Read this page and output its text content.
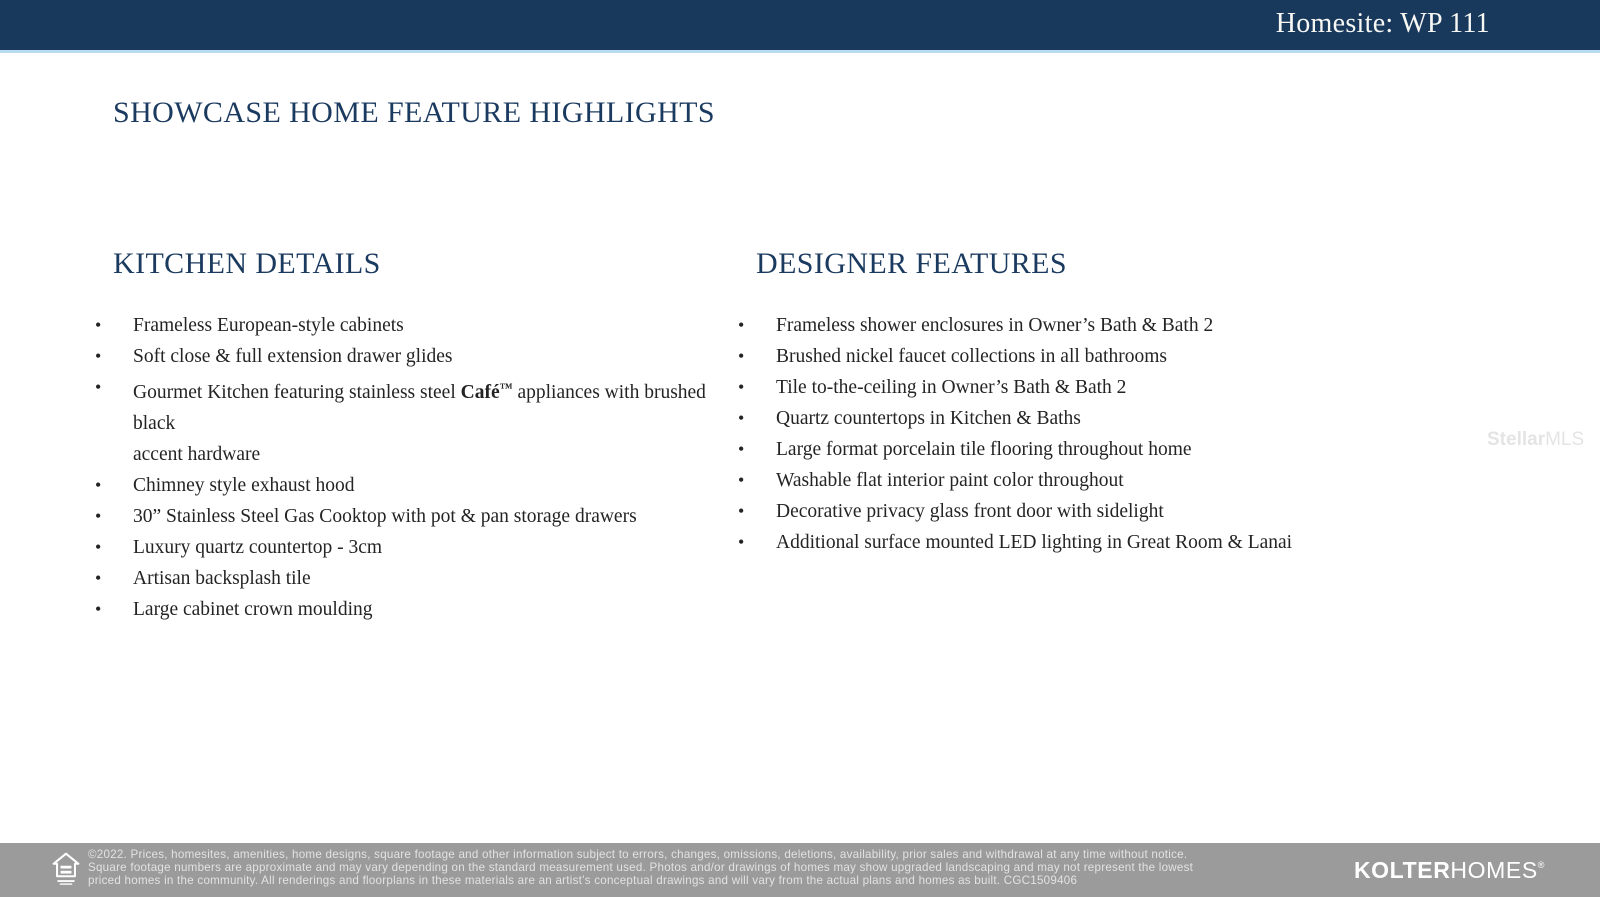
Homesite: WP 111
SHOWCASE HOME FEATURE HIGHLIGHTS
KITCHEN DETAILS
• Frameless European-style cabinets
• Soft close & full extension drawer glides
• Gourmet Kitchen featuring stainless steel Café™ appliances with brushed black
accent hardware
• Chimney style exhaust hood
• 30” Stainless Steel Gas Cooktop with pot & pan storage drawers
• Luxury quartz countertop - 3cm
• Artisan backsplash tile
• Large cabinet crown moulding
DESIGNER FEATURES
• Frameless shower enclosures in Owner’s Bath & Bath 2
• Brushed nickel faucet collections in all bathrooms
• Tile to-the-ceiling in Owner’s Bath & Bath 2
• Quartz countertops in Kitchen & Baths
• Large format porcelain tile flooring throughout home
• Washable flat interior paint color throughout
• Decorative privacy glass front door with sidelight
• Additional surface mounted LED lighting in Great Room & Lanai
StellarMLS
©2022. Prices, homesites, amenities, home designs, square footage and other information subject to errors, changes, omissions, deletions, availability, prior sales and withdrawal at any time without notice.
Square footage numbers are approximate and may vary depending on the standard measurement used. Photos and/or drawings of homes may show upgraded landscaping and may not represent the lowest
priced homes in the community. All renderings and floorplans in these materials are an artist’s conceptual drawings and will vary from the actual plans and homes as built. CGC1509406	KOLTERHOMES®
